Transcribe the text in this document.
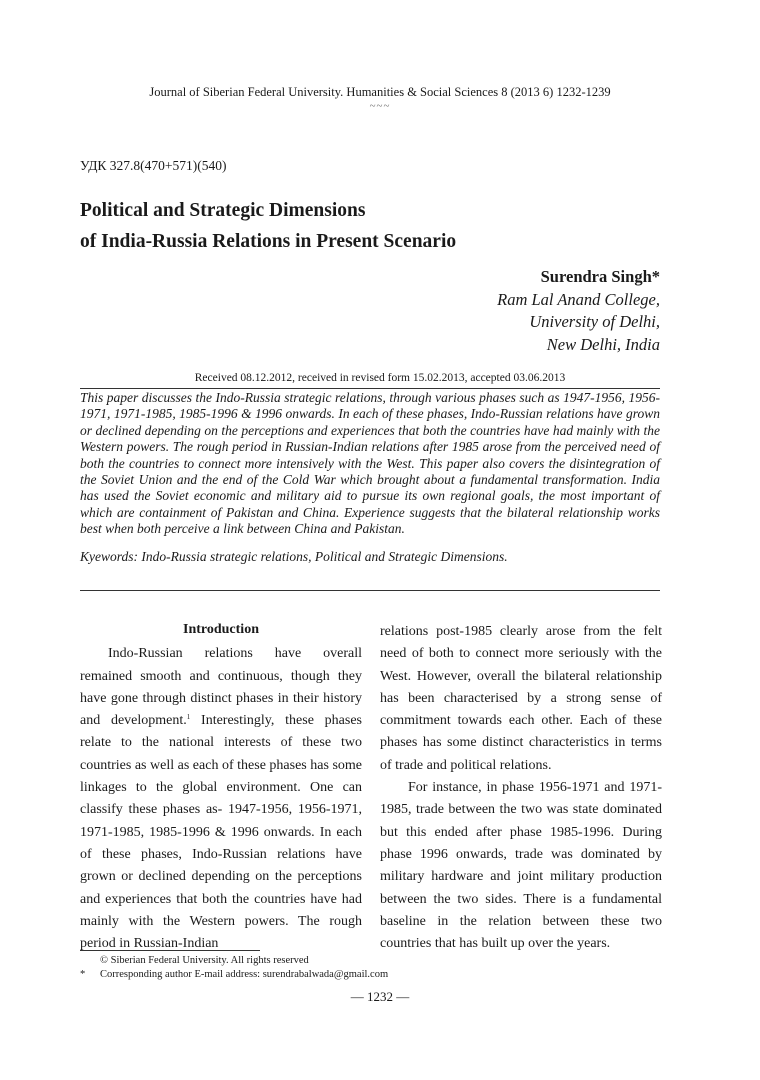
Journal of Siberian Federal University. Humanities & Social Sciences 8 (2013 6) 1232-1239
~~~
УДК 327.8(470+571)(540)
Political and Strategic Dimensions
of India-Russia Relations in Present Scenario
Surendra Singh*
Ram Lal Anand College,
University of Delhi,
New Delhi, India
Received 08.12.2012, received in revised form 15.02.2013, accepted 03.06.2013

This paper discusses the Indo-Russia strategic relations, through various phases such as 1947-1956, 1956-1971, 1971-1985, 1985-1996 & 1996 onwards. In each of these phases, Indo-Russian relations have grown or declined depending on the perceptions and experiences that both the countries have had mainly with the Western powers. The rough period in Russian-Indian relations after 1985 arose from the perceived need of both the countries to connect more intensively with the West. This paper also covers the disintegration of the Soviet Union and the end of the Cold War which brought about a fundamental transformation. India has used the Soviet economic and military aid to pursue its own regional goals, the most important of which are containment of Pakistan and China. Experience suggests that the bilateral relationship works best when both perceive a link between China and Pakistan.

Kyewords: Indo-Russia strategic relations, Political and Strategic Dimensions.

Introduction

Indo-Russian relations have overall remained smooth and continuous, though they have gone through distinct phases in their history and development.$^1$ Interestingly, these phases relate to the national interests of these two countries as well as each of these phases has some linkages to the global environment. One can classify these phases as- 1947-1956, 1956-1971, 1971-1985, 1985-1996 & 1996 onwards. In each of these phases, Indo-Russian relations have grown or declined depending on the perceptions and experiences that both the countries have had mainly with the Western powers. The rough period in Russian-Indian

relations post-1985 clearly arose from the felt need of both to connect more seriously with the West. However, overall the bilateral relationship has been characterised by a strong sense of commitment towards each other. Each of these phases has some distinct characteristics in terms of trade and political relations.

For instance, in phase 1956-1971 and 1971-1985, trade between the two was state dominated but this ended after phase 1985-1996. During phase 1996 onwards, trade was dominated by military hardware and joint military production between the two sides. There is a fundamental baseline in the relation between these two countries that has built up over the years.

© Siberian Federal University. All rights reserved
*	Corresponding author E-mail address: surendrabalwada@gmail.com
— 1232 —
